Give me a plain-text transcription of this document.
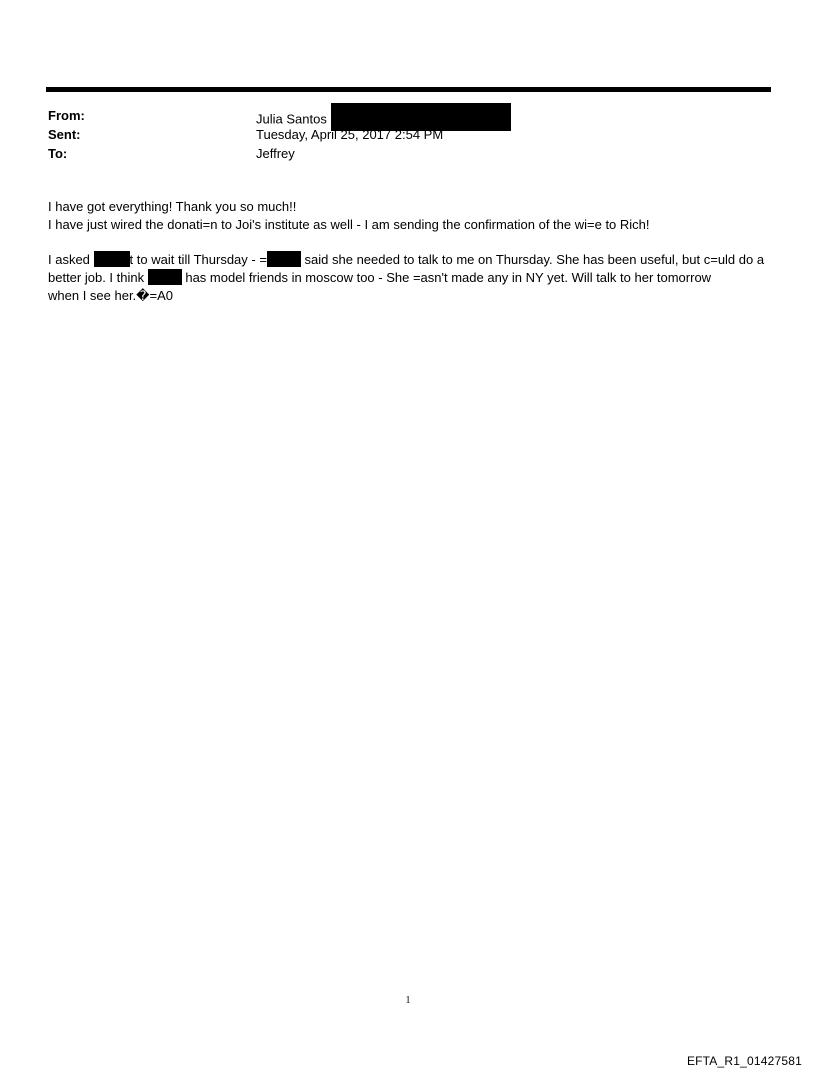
From:	Julia Santos
Sent:	Tuesday, April 25, 2017 2:54 PM
To:	Jeffrey
I have got everything! Thank you so much!!
I have just wired the donati=n to Joi's institute as well - I am sending the confirmation of the wi=e to Rich!
I asked	t to wait till Thursday - =	said she needed to talk to me on Thursday. She has been useful, but c=uld do a
better job. I think	has model friends in moscow too - She =asn't made any in NY yet. Will talk to her tomorrow
when I see her.�=A0
1
EFTA_R1_01427581
